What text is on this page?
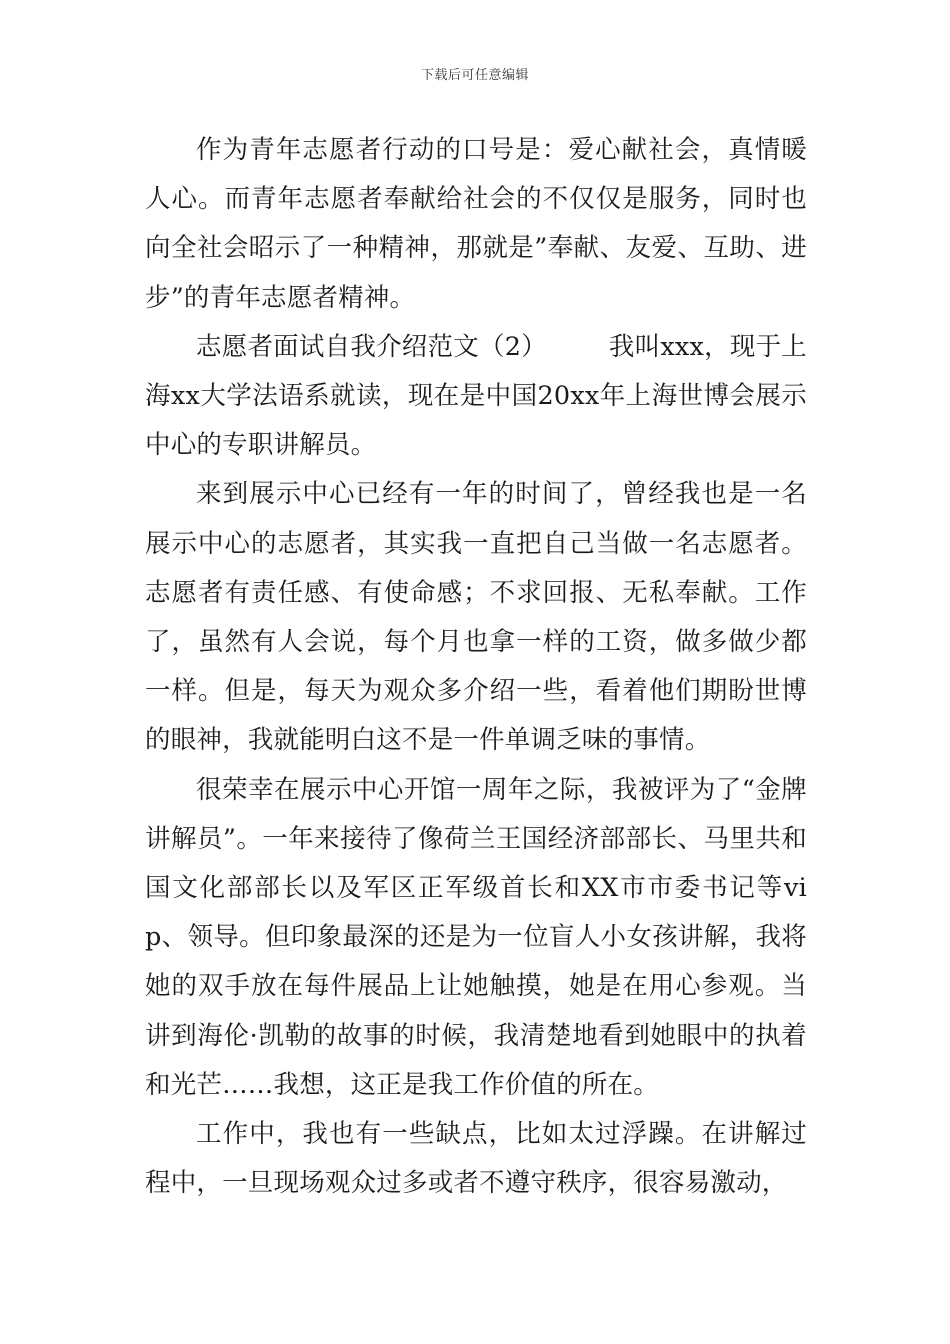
下载后可任意编辑

作为青年志愿者行动的口号是：爱心献社会，真情暖人心。而青年志愿者奉献给社会的不仅仅是服务，同时也向全社会昭示了一种精神，那就是”奉献、友爱、互助、进步”的青年志愿者精神。

志愿者面试自我介绍范文（2） 我叫xxx，现于上海xx大学法语系就读，现在是中国20xx年上海世博会展示中心的专职讲解员。

来到展示中心已经有一年的时间了，曾经我也是一名展示中心的志愿者，其实我一直把自己当做一名志愿者。志愿者有责任感、有使命感；不求回报、无私奉献。工作了，虽然有人会说，每个月也拿一样的工资，做多做少都一样。但是，每天为观众多介绍一些，看着他们期盼世博的眼神，我就能明白这不是一件单调乏味的事情。

很荣幸在展示中心开馆一周年之际，我被评为了“金牌讲解员”。一年来接待了像荷兰王国经济部部长、马里共和国文化部部长以及军区正军级首长和XX市市委书记等vip、领导。但印象最深的还是为一位盲人小女孩讲解，我将她的双手放在每件展品上让她触摸，她是在用心参观。当讲到海伦·凯勒的故事的时候，我清楚地看到她眼中的执着和光芒……我想，这正是我工作价值的所在。

工作中，我也有一些缺点，比如太过浮躁。在讲解过程中，一旦现场观众过多或者不遵守秩序，很容易激动，
